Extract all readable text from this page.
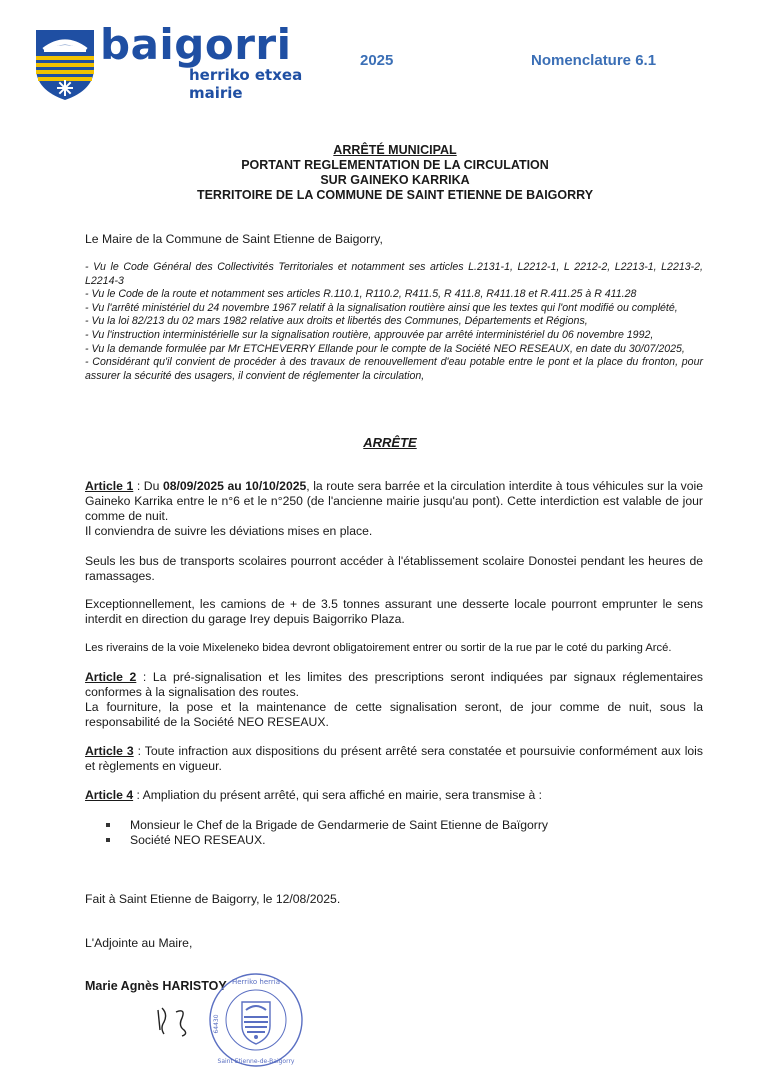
baigorri
herriko etxea
mairie
2025	Nomenclature 6.1
ARRÊTÉ MUNICIPAL
PORTANT REGLEMENTATION DE LA CIRCULATION
SUR GAINEKO KARRIKA
TERRITOIRE DE LA COMMUNE DE SAINT ETIENNE DE BAIGORRY
Le Maire de la Commune de Saint Etienne de Baigorry,
- Vu le Code Général des Collectivités Territoriales et notamment ses articles L.2131-1, L2212-1, L 2212-2, L2213-1, L2213-2, L2214-3
- Vu le Code de la route et notamment ses articles R.110.1, R110.2, R411.5, R 411.8, R411.18 et R.411.25 à R 411.28
- Vu l'arrêté ministériel du 24 novembre 1967 relatif à la signalisation routière ainsi que les textes qui l'ont modifié ou complété,
- Vu la loi 82/213 du 02 mars 1982 relative aux droits et libertés des Communes, Départements et Régions,
- Vu l'instruction interministérielle sur la signalisation routière, approuvée par arrêté interministériel du 06 novembre 1992,
- Vu la demande formulée par Mr ETCHEVERRY Ellande pour le compte de la Société NEO RESEAUX, en date du 30/07/2025,
- Considérant qu'il convient de procéder à des travaux de renouvellement d'eau potable entre le pont et la place du fronton, pour assurer la sécurité des usagers, il convient de réglementer la circulation,
ARRÊTE

Article 1 : Du 08/09/2025 au 10/10/2025, la route sera barrée et la circulation interdite à tous véhicules sur la voie Gaineko Karrika entre le n°6 et le n°250 (de l'ancienne mairie jusqu'au pont). Cette interdiction est valable de jour comme de nuit.

Il conviendra de suivre les déviations mises en place.

Seuls les bus de transports scolaires pourront accéder à l'établissement scolaire Donostei pendant les heures de ramassages.
Exceptionnellement, les camions de + de 3.5 tonnes assurant une desserte locale pourront emprunter le sens interdit en direction du garage Irey depuis Baigorriko Plaza.
Les riverains de la voie Mixeleneko bidea devront obligatoirement entrer ou sortir de la rue par le coté du parking Arcé.

Article 2 : La pré-signalisation et les limites des prescriptions seront indiquées par signaux réglementaires conformes à la signalisation des routes.

La fourniture, la pose et la maintenance de cette signalisation seront, de jour comme de nuit, sous la responsabilité de la Société NEO RESEAUX.

Article 3 : Toute infraction aux dispositions du présent arrêté sera constatée et poursuivie conformément aux lois et règlements en vigueur.

Article 4 : Ampliation du présent arrêté, qui sera affiché en mairie, sera transmise à :

Monsieur le Chef de la Brigade de Gendarmerie de Saint Etienne de Baïgorry
Société NEO RESEAUX.
Fait à Saint Etienne de Baigorry, le 12/08/2025.
L'Adjointe au Maire,
Marie Agnès HARISTOY Herriko herria
Saint Etienne-de-Baigorry
64430
